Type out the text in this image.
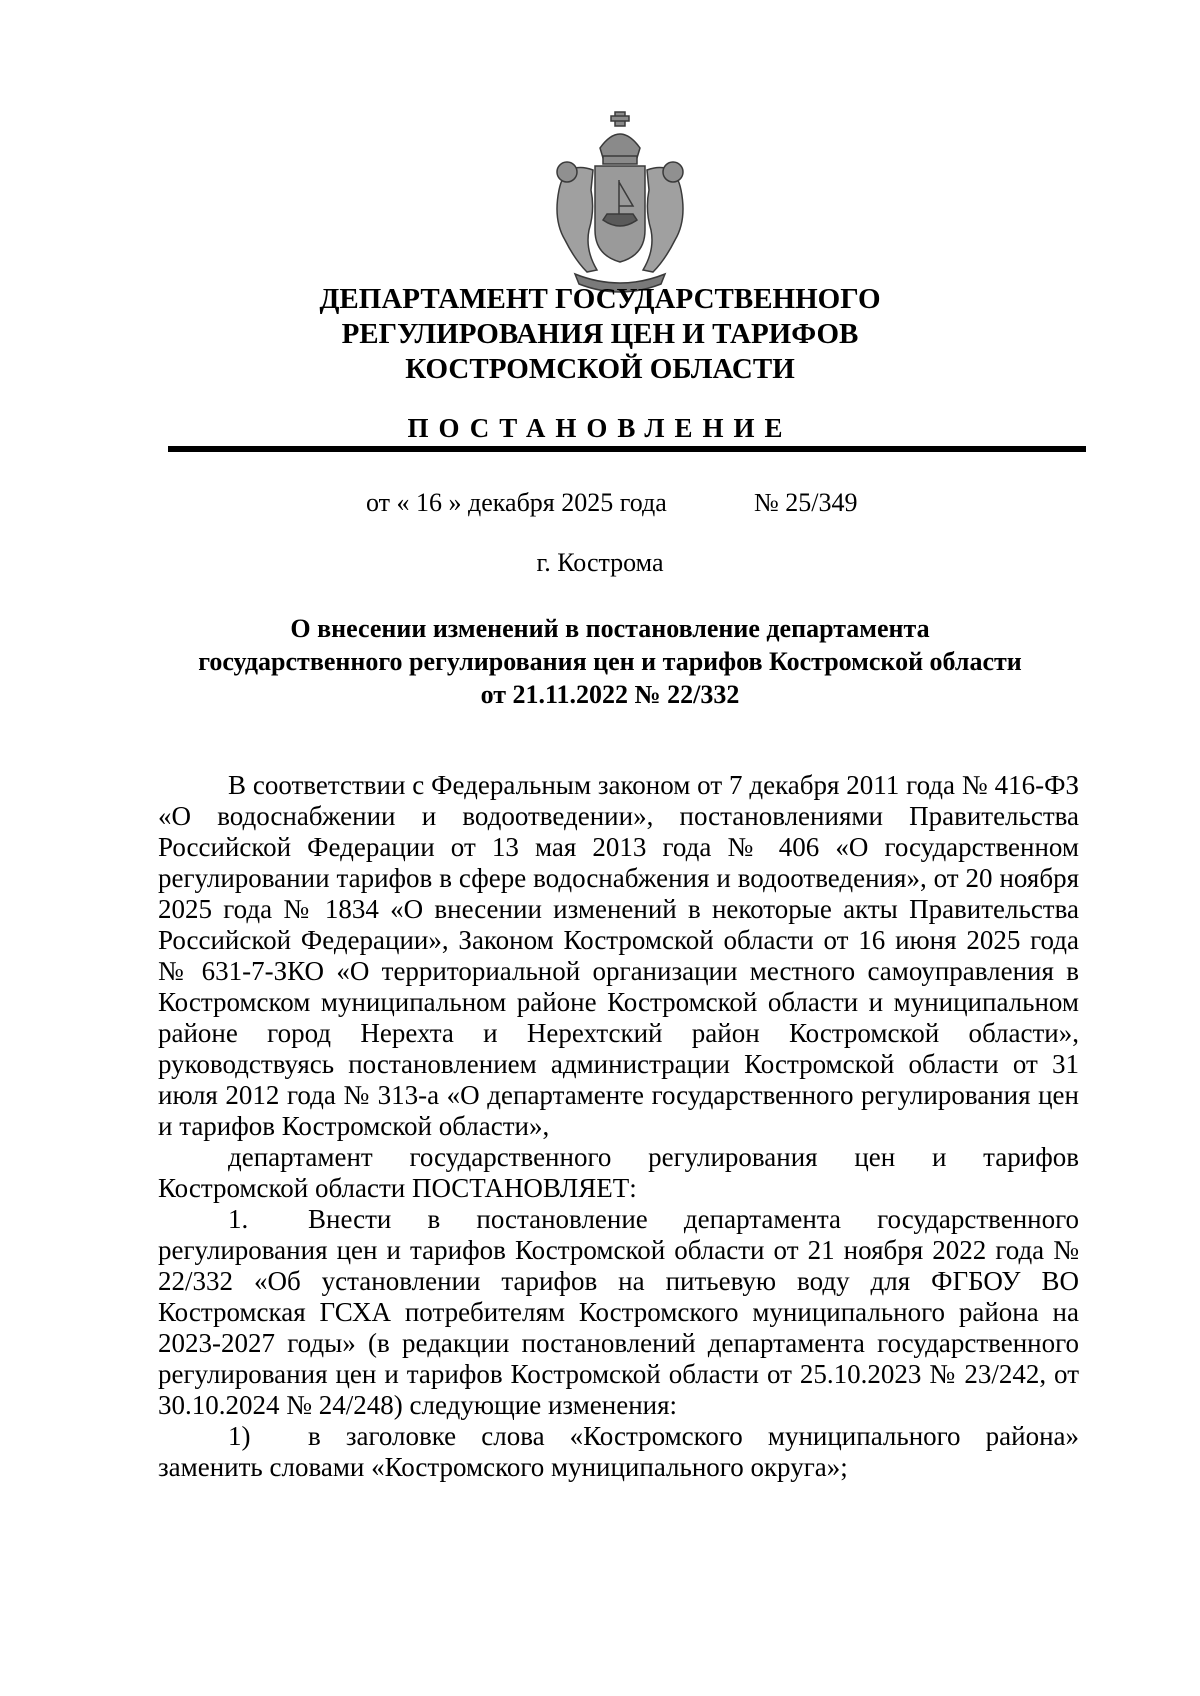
ДЕПАРТАМЕНТ ГОСУДАРСТВЕННОГО
РЕГУЛИРОВАНИЯ ЦЕН И ТАРИФОВ
КОСТРОМСКОЙ ОБЛАСТИ
ПОСТАНОВЛЕНИЕ
от « 16 » декабря 2025 года	№ 25/349
г. Кострома
О внесении изменений в постановление департамента
государственного регулирования цен и тарифов Костромской области
от 21.11.2022 № 22/332

В соответствии с Федеральным законом от 7 декабря 2011 года № 416-ФЗ «О водоснабжении и водоотведении», постановлениями Правительства Российской Федерации от 13 мая 2013 года № 406 «О государственном регулировании тарифов в сфере водоснабжения и водоотведения», от 20 ноября 2025 года № 1834 «О внесении изменений в некоторые акты Правительства Российской Федерации», Законом Костромской области от 16 июня 2025 года № 631-7-ЗКО «О территориальной организации местного самоуправления в Костромском муниципальном районе Костромской области и муниципальном районе город Нерехта и Нерехтский район Костромской области», руководствуясь постановлением администрации Костромской области от 31 июля 2012 года № 313-а «О департаменте государственного регулирования цен и тарифов Костромской области»,

департамент государственного регулирования цен и тарифов Костромской области ПОСТАНОВЛЯЕТ:

1. Внести в постановление департамента государственного регулирования цен и тарифов Костромской области от 21 ноября 2022 года № 22/332 «Об установлении тарифов на питьевую воду для ФГБОУ ВО Костромская ГСХА потребителям Костромского муниципального района на 2023-2027 годы» (в редакции постановлений департамента государственного регулирования цен и тарифов Костромской области от 25.10.2023 № 23/242, от 30.10.2024 № 24/248) следующие изменения:

1) в заголовке слова «Костромского муниципального района» заменить словами «Костромского муниципального округа»;
